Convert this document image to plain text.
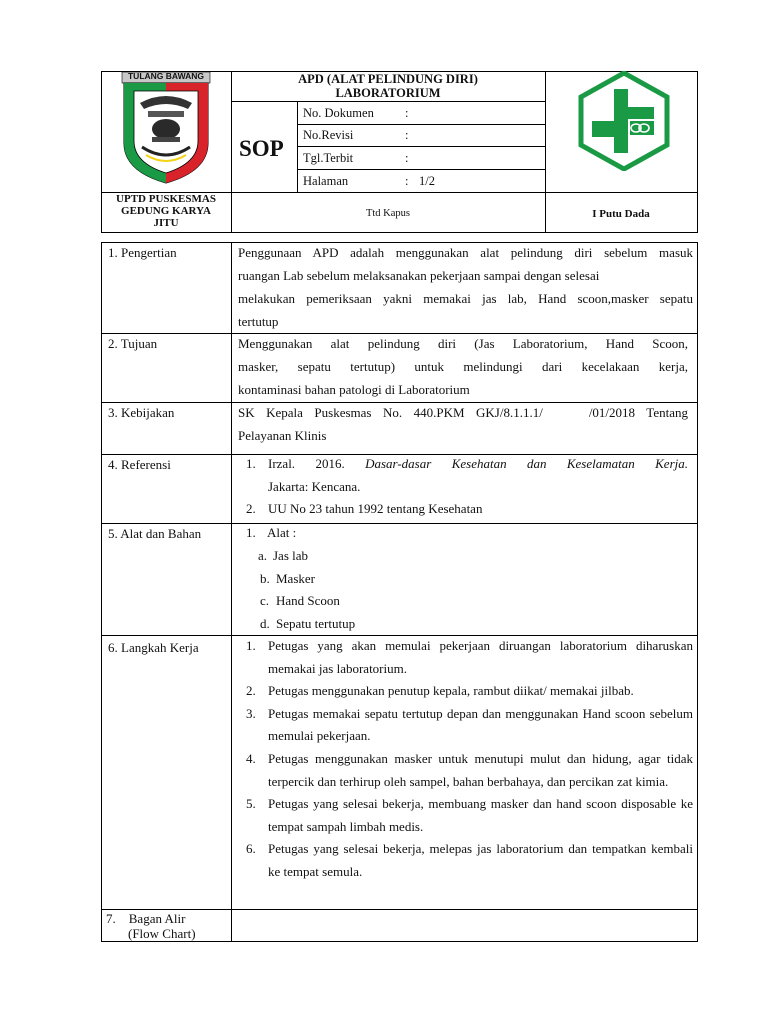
TULANG BAWANG	APD (ALAT PELINDUNG DIRI)
LABORATORIUM
SOP
No. Dokumen :
No.Revisi	:
Tgl.Terbit	:
Halaman	: 1/2
UPTD PUSKESMAS
GEDUNG KARYA
JITU
Ttd Kapus	I Putu Dada
1. Pengertian	Penggunaan APD adalah menggunakan alat pelindung diri sebelum masuk
ruangan Lab sebelum melaksanakan pekerjaan sampai dengan selesai
melakukan pemeriksaan yakni memakai jas lab, Hand scoon,masker sepatu
tertutup
2. Tujuan	Menggunakan alat pelindung diri (Jas Laboratorium, Hand Scoon,
masker, sepatu tertutup) untuk melindungi dari kecelakaan kerja,
kontaminasi bahan patologi di Laboratorium
3. Kebijakan	SK Kepala Puskesmas No. 440.PKM GKJ/8.1.1.1/    /01/2018 Tentang
Pelayanan Klinis
4. Referensi	1. Irzal. 2016. Dasar-dasar Kesehatan dan Keselamatan Kerja.
Jakarta: Kencana.
2. UU No 23 tahun 1992 tentang Kesehatan
5. Alat dan Bahan	1. Alat :
a. Jas lab
b. Masker
c. Hand Scoon
d. Sepatu tertutup
6. Langkah Kerja	1. Petugas yang akan memulai pekerjaan diruangan laboratorium diharuskan memakai jas laboratorium.
2. Petugas menggunakan penutup kepala, rambut diikat/ memakai jilbab.
3. Petugas memakai sepatu tertutup depan dan menggunakan Hand scoon sebelum memulai pekerjaan.
4. Petugas menggunakan masker untuk menutupi mulut dan hidung, agar tidak terpercik dan terhirup oleh sampel, bahan berbahaya, dan percikan zat kimia.
5. Petugas yang selesai bekerja, membuang masker dan hand scoon disposable ke tempat sampah limbah medis.
6. Petugas yang selesai bekerja, melepas jas laboratorium dan tempatkan kembali ke tempat semula.
7.    Bagan Alir
(Flow Chart)
